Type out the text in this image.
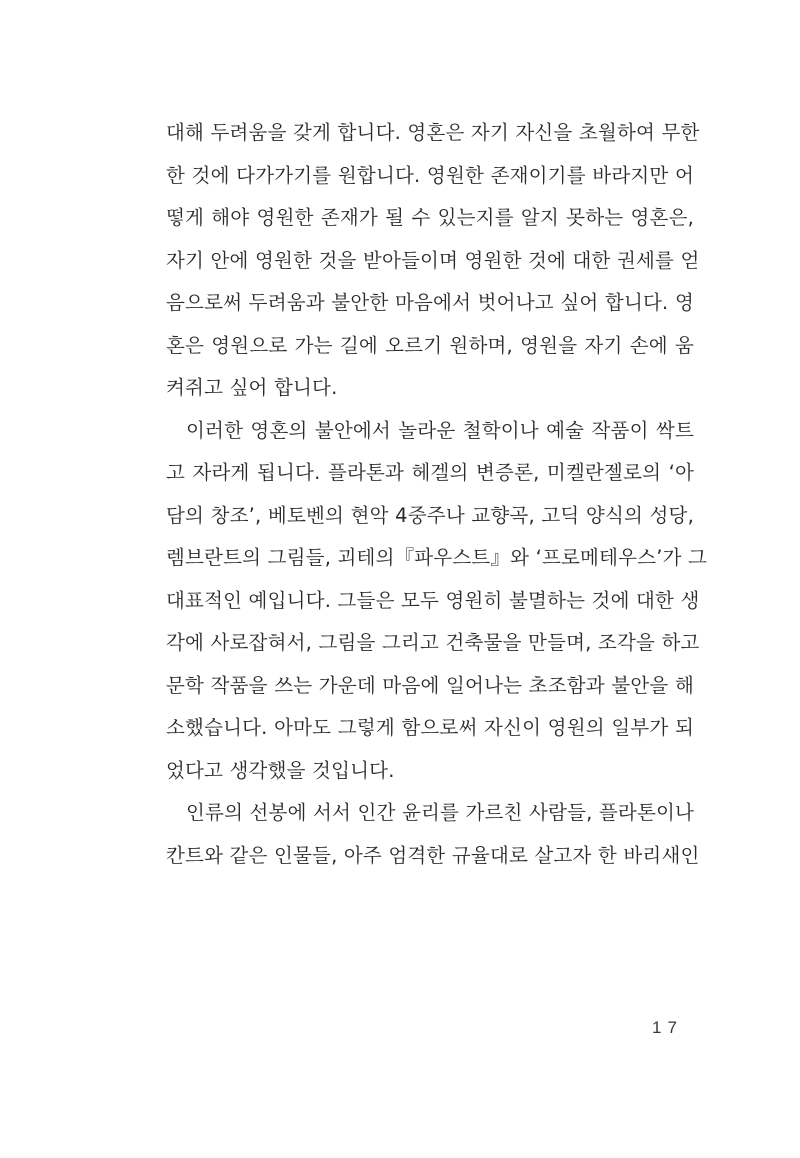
대해 두려움을 갖게 합니다. 영혼은 자기 자신을 초월하여 무한
한 것에 다가가기를 원합니다. 영원한 존재이기를 바라지만 어
떻게 해야 영원한 존재가 될 수 있는지를 알지 못하는 영혼은,
자기 안에 영원한 것을 받아들이며 영원한 것에 대한 권세를 얻
음으로써 두려움과 불안한 마음에서 벗어나고 싶어 합니다. 영
혼은 영원으로 가는 길에 오르기 원하며, 영원을 자기 손에 움
켜쥐고 싶어 합니다.
이러한 영혼의 불안에서 놀라운 철학이나 예술 작품이 싹트
고 자라게 됩니다. 플라톤과 헤겔의 변증론, 미켈란젤로의 ‘아
담의 창조’, 베토벤의 현악 4중주나 교향곡, 고딕 양식의 성당,
렘브란트의 그림들, 괴테의『파우스트』와 ‘프로메테우스’가 그
대표적인 예입니다. 그들은 모두 영원히 불멸하는 것에 대한 생
각에 사로잡혀서, 그림을 그리고 건축물을 만들며, 조각을 하고
문학 작품을 쓰는 가운데 마음에 일어나는 초조함과 불안을 해
소했습니다. 아마도 그렇게 함으로써 자신이 영원의 일부가 되
었다고 생각했을 것입니다.
인류의 선봉에 서서 인간 윤리를 가르친 사람들, 플라톤이나
칸트와 같은 인물들, 아주 엄격한 규율대로 살고자 한 바리새인
17
